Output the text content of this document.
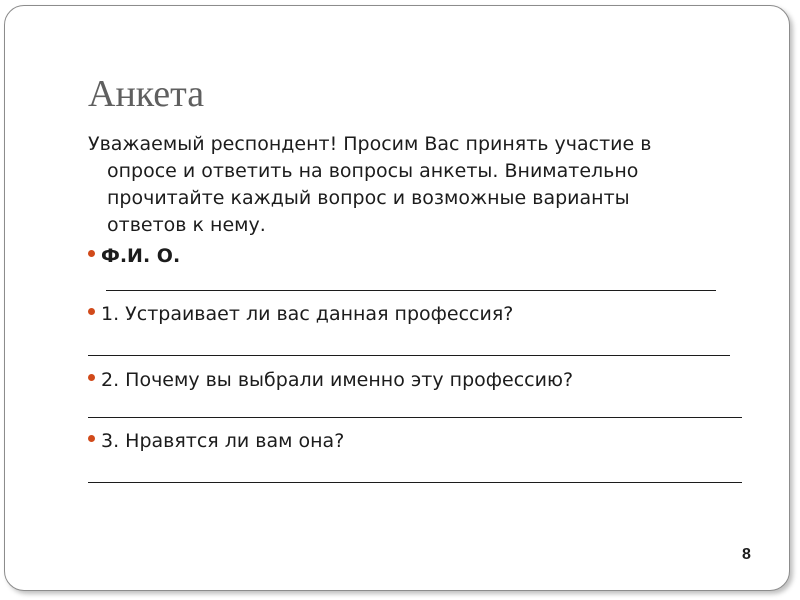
Анкета

Уважаемый респондент! Просим Вас принять участие в
опросе и ответить на вопросы анкеты. Внимательно
прочитайте каждый вопрос и возможные варианты
ответов к нему.

Ф.И. О.
1. Устраивает ли вас данная профессия?
2. Почему вы выбрали именно эту профессию?
3. Нравятся ли вам она?
8
